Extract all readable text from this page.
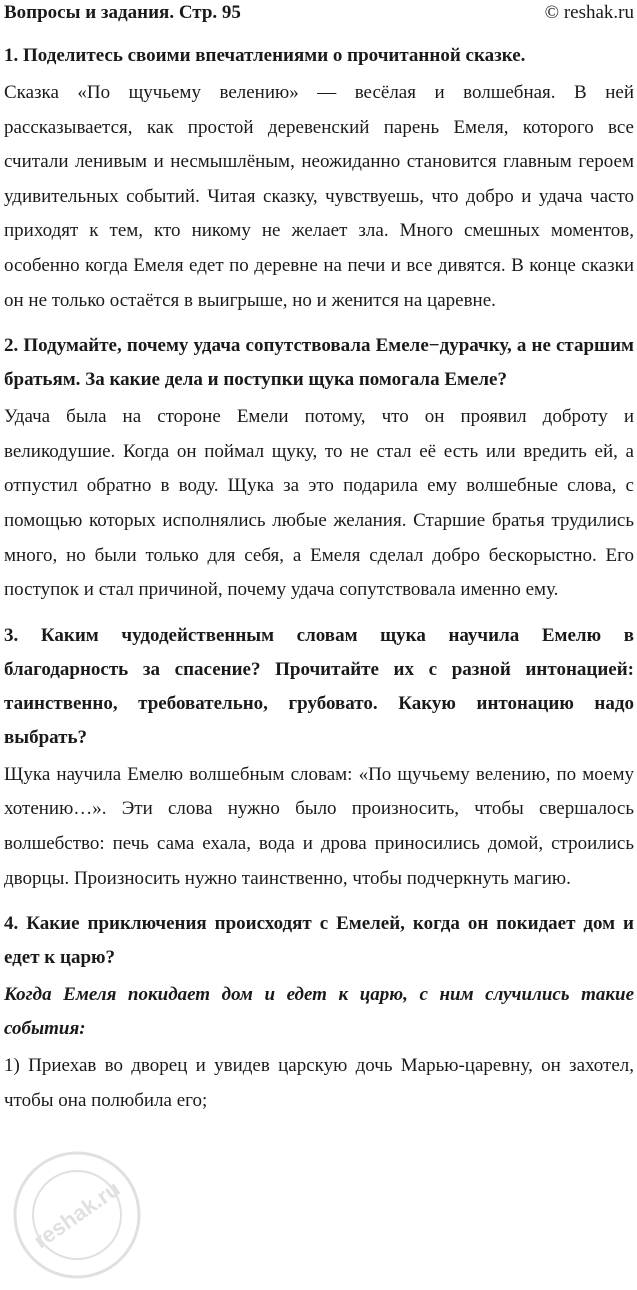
Вопросы и задания. Стр. 95	© reshak.ru

1. Поделитесь своими впечатлениями о прочитанной сказке.

Сказка «По щучьему велению» — весёлая и волшебная. В ней рассказывается, как простой деревенский парень Емеля, которого все считали ленивым и несмышлёным, неожиданно становится главным героем удивительных событий. Читая сказку, чувствуешь, что добро и удача часто приходят к тем, кто никому не желает зла. Много смешных моментов, особенно когда Емеля едет по деревне на печи и все дивятся. В конце сказки он не только остаётся в выигрыше, но и женится на царевне.

2. Подумайте, почему удача сопутствовала Емеле−дурачку, а не старшим братьям. За какие дела и поступки щука помогала Емеле?

Удача была на стороне Емели потому, что он проявил доброту и великодушие. Когда он поймал щуку, то не стал её есть или вредить ей, а отпустил обратно в воду. Щука за это подарила ему волшебные слова, с помощью которых исполнялись любые желания. Старшие братья трудились много, но были только для себя, а Емеля сделал добро бескорыстно. Его поступок и стал причиной, почему удача сопутствовала именно ему.

3. Каким чудодейственным словам щука научила Емелю в благодарность за спасение? Прочитайте их с разной интонацией: таинственно, требовательно, грубовато. Какую интонацию надо выбрать?

Щука научила Емелю волшебным словам: «По щучьему велению, по моему хотению…». Эти слова нужно было произносить, чтобы свершалось волшебство: печь сама ехала, вода и дрова приносились домой, строились дворцы. Произносить нужно таинственно, чтобы подчеркнуть магию.

4. Какие приключения происходят с Емелей, когда он покидает дом и едет к царю?

Когда Емеля покидает дом и едет к царю, с ним случились такие события:

1) Приехав во дворец и увидев царскую дочь Марью-царевну, он захотел, чтобы она полюбила его;

reshak.ru
